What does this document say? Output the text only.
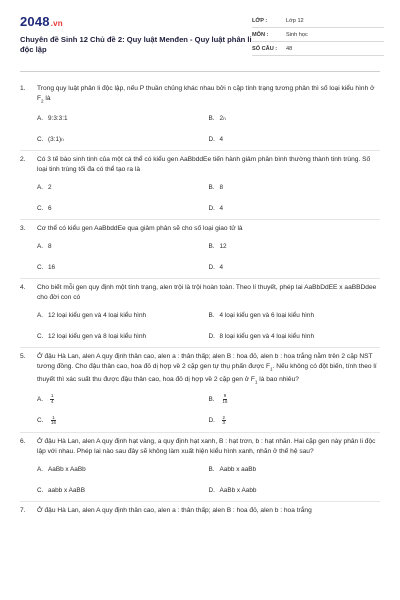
2048.vn
Chuyên đề Sinh 12 Chủ đề 2: Quy luật Menđen - Quy luật phân li độc lập
LỚP :	Lớp 12
MÔN :	Sinh học
SỐ CÂU :	48
1.	Trong quy luật phân li độc lập, nếu P thuần chủng khác nhau bởi n cặp tính trạng tương phản thì số loại kiểu hình ở $F_2$ là
A. 9:3:3:1	B. 2 n
C. (3:1) n	D. 4
2.	Có 3 tế bào sinh tinh của một cá thể có kiểu gen AaBbddEe tiến hành giảm phân bình thường thành tinh trùng. Số loại tinh trùng tối đa có thể tạo ra là
A. 2	B. 8
C. 6	D. 4
3.	Cơ thể có kiểu gen AaBbddEe qua giảm phân sẽ cho số loại giao tử là
A. 8	B. 12
C. 16	D. 4
4.	Cho biết mỗi gen quy định một tính trạng, alen trội là trội hoàn toàn. Theo lí thuyết, phép lai AaBbDdEE x aaBBDdee cho đời con có
A. 12 loại kiểu gen và 4 loại kiểu hình	B. 4 loại kiểu gen và 6 loại kiểu hình
C. 12 loại kiểu gen và 8 loại kiểu hình	D. 8 loại kiểu gen và 4 loại kiểu hình
5.	Ở đậu Hà Lan, alen A quy định thân cao, alen a : thân thấp; alen B : hoa đỏ, alen b : hoa trắng nằm trên 2 cặp NST tương đồng. Cho đậu thân cao, hoa đỏ dị hợp về 2 cặp gen tự thụ phấn được $F_1$. Nếu không có đột biến, tính theo lí thuyết thì xác suất thu được đậu thân cao, hoa đỏ dị hợp về 2 cặp gen ở $F_1$ là bao nhiêu?
A.	$\frac{1}{4}$	B.	$\frac{9}{16}$
C.	$\frac{1}{16}$	D.	$\frac{2}{3}$
6.	Ở đậu Hà Lan, alen A quy định hạt vàng, a quy định hạt xanh, B : hạt trơn, b : hạt nhăn. Hai cặp gen này phân li độc lập với nhau. Phép lai nào sau đây sẽ không làm xuất hiện kiểu hình xanh, nhăn ở thế hệ sau?
A. AaBb x AaBb	B. Aabb x aaBb
C. aabb x AaBB	D. AaBb x Aabb
7.	Ở đậu Hà Lan, alen A quy định thân cao, alen a : thân thấp; alen B : hoa đỏ, alen b : hoa trắng
